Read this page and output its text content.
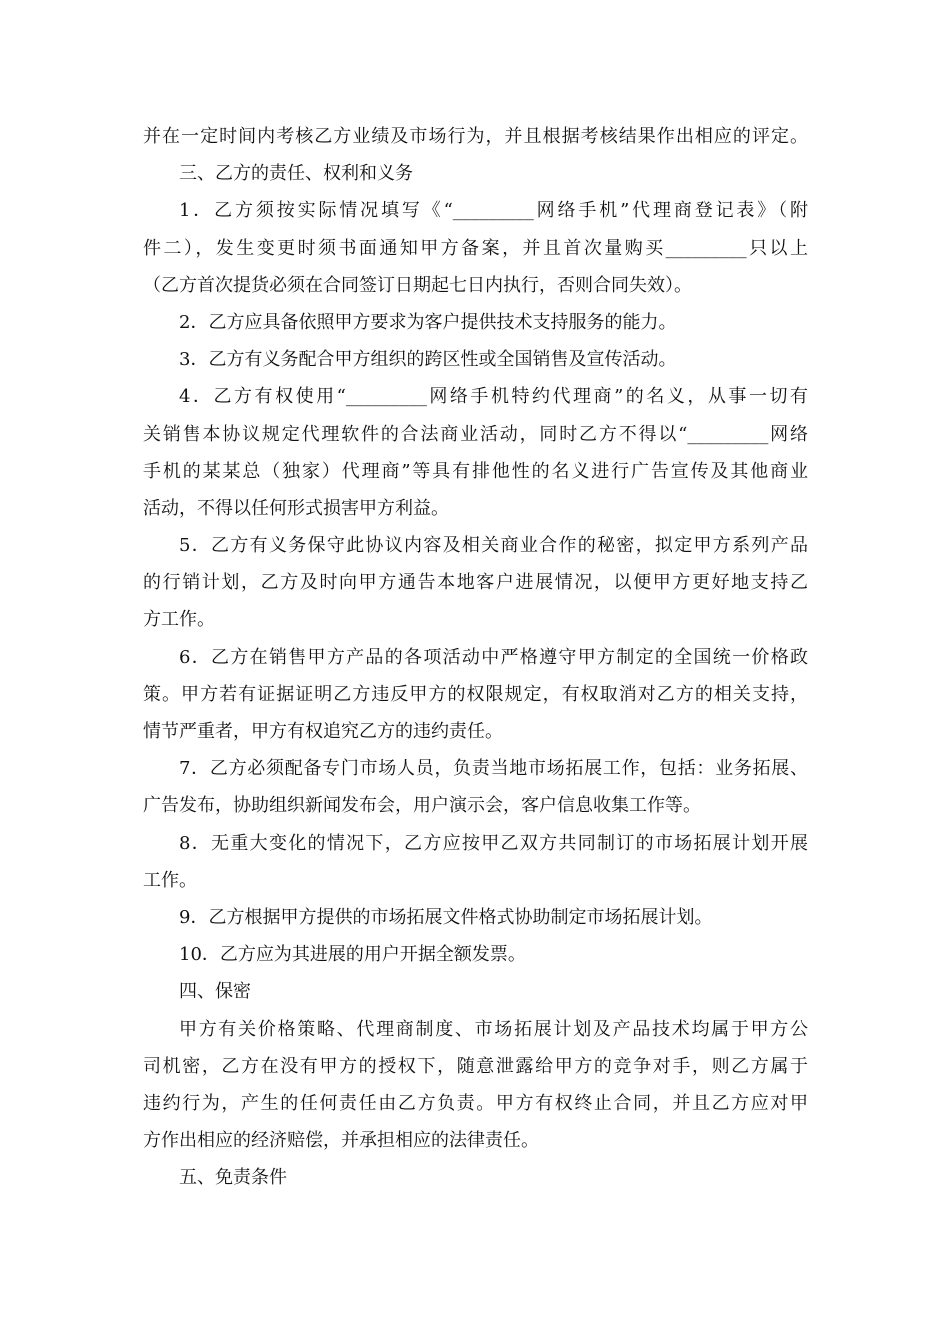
并在一定时间内考核乙方业绩及市场行为，并且根据考核结果作出相应的评定。
三、乙方的责任、权利和义务
1．乙方须按实际情况填写《“_________网络手机”代理商登记表》（附
件二），发生变更时须书面通知甲方备案，并且首次量购买_________只以上
（乙方首次提货必须在合同签订日期起七日内执行，否则合同失效）。
2．乙方应具备依照甲方要求为客户提供技术支持服务的能力。
3．乙方有义务配合甲方组织的跨区性或全国销售及宣传活动。
4．乙方有权使用“_________网络手机特约代理商”的名义，从事一切有
关销售本协议规定代理软件的合法商业活动，同时乙方不得以“_________网络
手机的某某总（独家）代理商”等具有排他性的名义进行广告宣传及其他商业
活动，不得以任何形式损害甲方利益。
5．乙方有义务保守此协议内容及相关商业合作的秘密，拟定甲方系列产品
的行销计划，乙方及时向甲方通告本地客户进展情况，以便甲方更好地支持乙
方工作。
6．乙方在销售甲方产品的各项活动中严格遵守甲方制定的全国统一价格政
策。甲方若有证据证明乙方违反甲方的权限规定，有权取消对乙方的相关支持，
情节严重者，甲方有权追究乙方的违约责任。
7．乙方必须配备专门市场人员，负责当地市场拓展工作，包括：业务拓展、
广告发布，协助组织新闻发布会，用户演示会，客户信息收集工作等。
8．无重大变化的情况下，乙方应按甲乙双方共同制订的市场拓展计划开展
工作。
9．乙方根据甲方提供的市场拓展文件格式协助制定市场拓展计划。
10．乙方应为其进展的用户开据全额发票。
四、保密
甲方有关价格策略、代理商制度、市场拓展计划及产品技术均属于甲方公
司机密，乙方在没有甲方的授权下，随意泄露给甲方的竞争对手，则乙方属于
违约行为，产生的任何责任由乙方负责。甲方有权终止合同，并且乙方应对甲
方作出相应的经济赔偿，并承担相应的法律责任。
五、免责条件
